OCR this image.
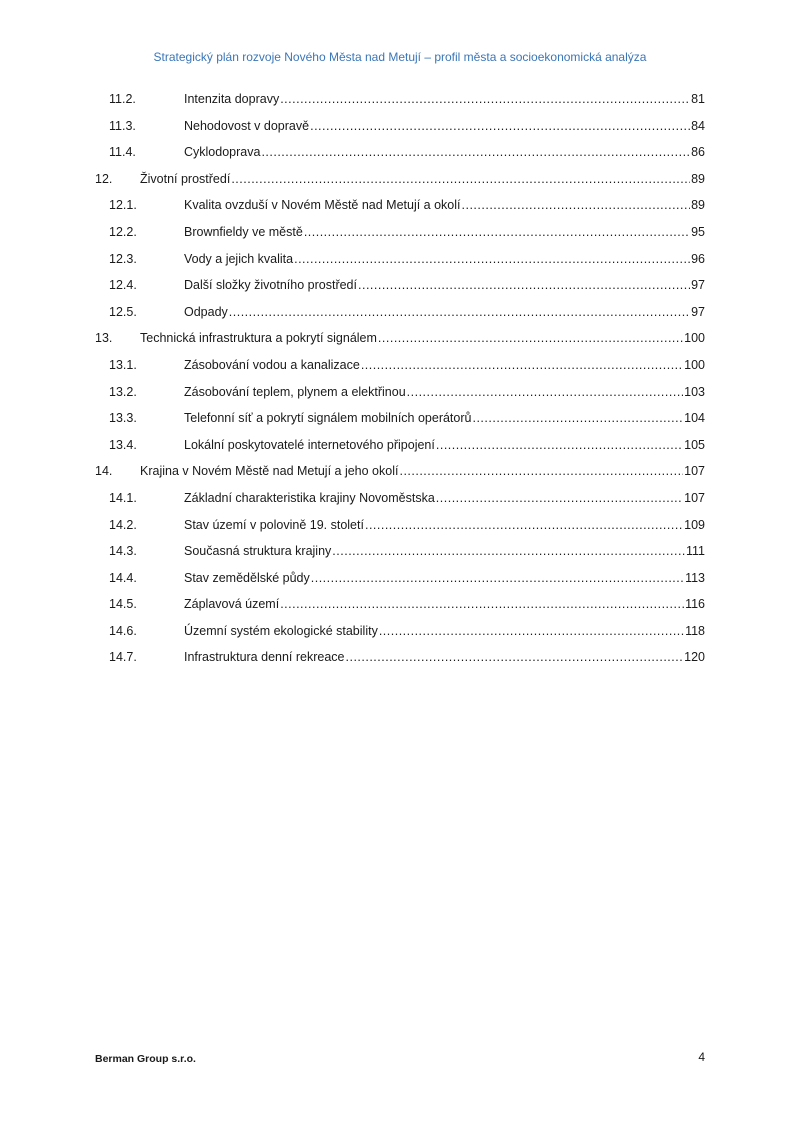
Strategický plán rozvoje Nového Města nad Metují – profil města a socioekonomická analýza
11.2.	Intenzita dopravy .....	81
11.3.	Nehodovost v dopravě .....	84
11.4.	Cyklodoprava .....	86
12.	Životní prostředí .....	89
12.1.	Kvalita ovzduší v Novém Městě nad Metují a okolí .....	89
12.2.	Brownfieldy ve městě .....	95
12.3.	Vody a jejich kvalita .....	96
12.4.	Další složky životního prostředí .....	97
12.5.	Odpady .....	97
13.	Technická infrastruktura a pokrytí signálem .....	100
13.1.	Zásobování vodou a kanalizace .....	100
13.2.	Zásobování teplem, plynem a elektřinou .....	103
13.3.	Telefonní síť a pokrytí signálem mobilních operátorů .....	104
13.4.	Lokální poskytovatelé internetového připojení .....	105
14.	Krajina v Novém Městě nad Metují a jeho okolí .....	107
14.1.	Základní charakteristika krajiny Novoměstska .....	107
14.2.	Stav území v polovině 19. století .....	109
14.3.	Současná struktura krajiny .....	111
14.4.	Stav zemědělské půdy .....	113
14.5.	Záplavová území .....	116
14.6.	Územní systém ekologické stability .....	118
14.7.	Infrastruktura denní rekreace .....	120
Berman Group s.r.o.	4
